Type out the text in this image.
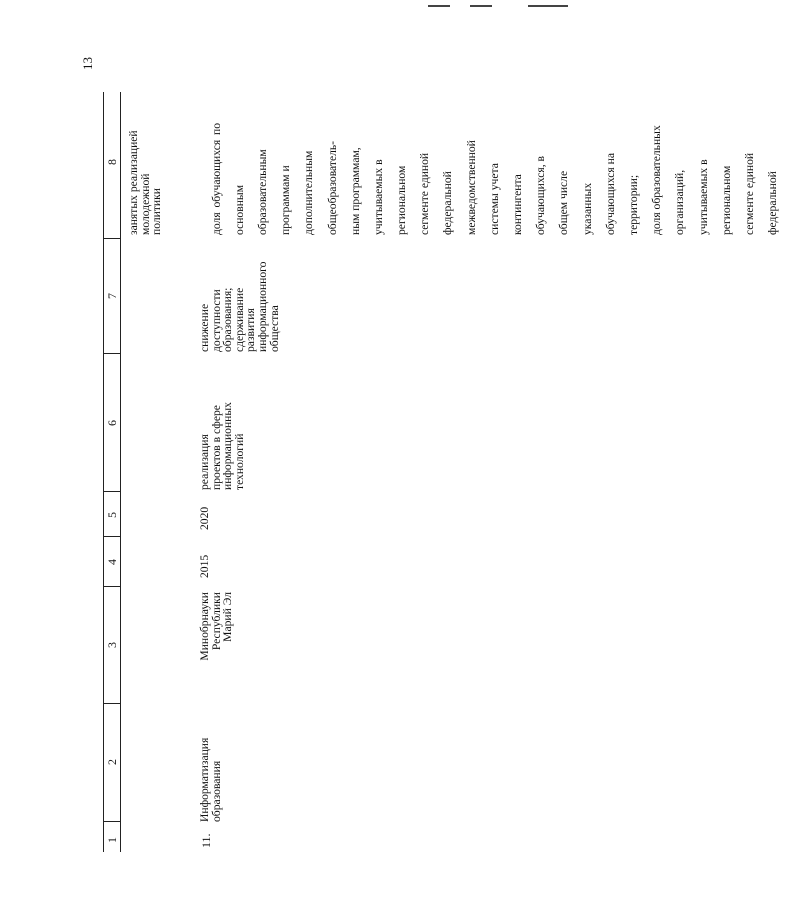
13
1
2
3
4
5
6
7
8
занятых реализацией
молодежной
политики
11.
Информатизация
образования
Минобрнауки
Республики
Марий Эл
2015
2020
реализация
проектов в сфере
информационных
технологий
снижение
доступности
образования;
сдерживание развития
информационного
общества

доля обучающихся по основным образовательным программам и дополнительным общеобразователь- ным программам, учитываемых в региональном сегменте единой федеральной межведомственной системы учета контингента обучающихся, в общем числе указанных обучающихся на территории; доля образовательных организаций, учитываемых в региональном сегменте единой федеральной
